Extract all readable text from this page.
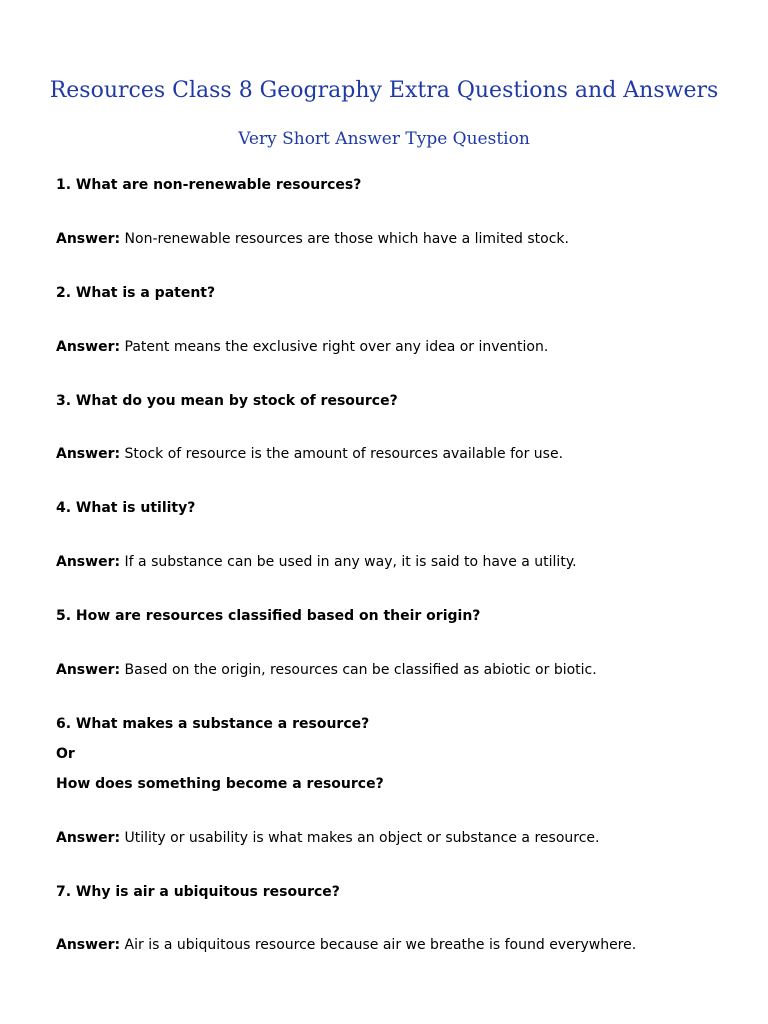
Resources Class 8 Geography Extra Questions and Answers
Very Short Answer Type Question

1. What are non-renewable resources?

Answer: Non-renewable resources are those which have a limited stock.

2. What is a patent?

Answer: Patent means the exclusive right over any idea or invention.

3. What do you mean by stock of resource?

Answer: Stock of resource is the amount of resources available for use.

4. What is utility?

Answer: If a substance can be used in any way, it is said to have a utility.

5. How are resources classified based on their origin?

Answer: Based on the origin, resources can be classified as abiotic or biotic.

6. What makes a substance a resource?

Or

How does something become a resource?

Answer: Utility or usability is what makes an object or substance a resource.

7. Why is air a ubiquitous resource?

Answer: Air is a ubiquitous resource because air we breathe is found everywhere.
